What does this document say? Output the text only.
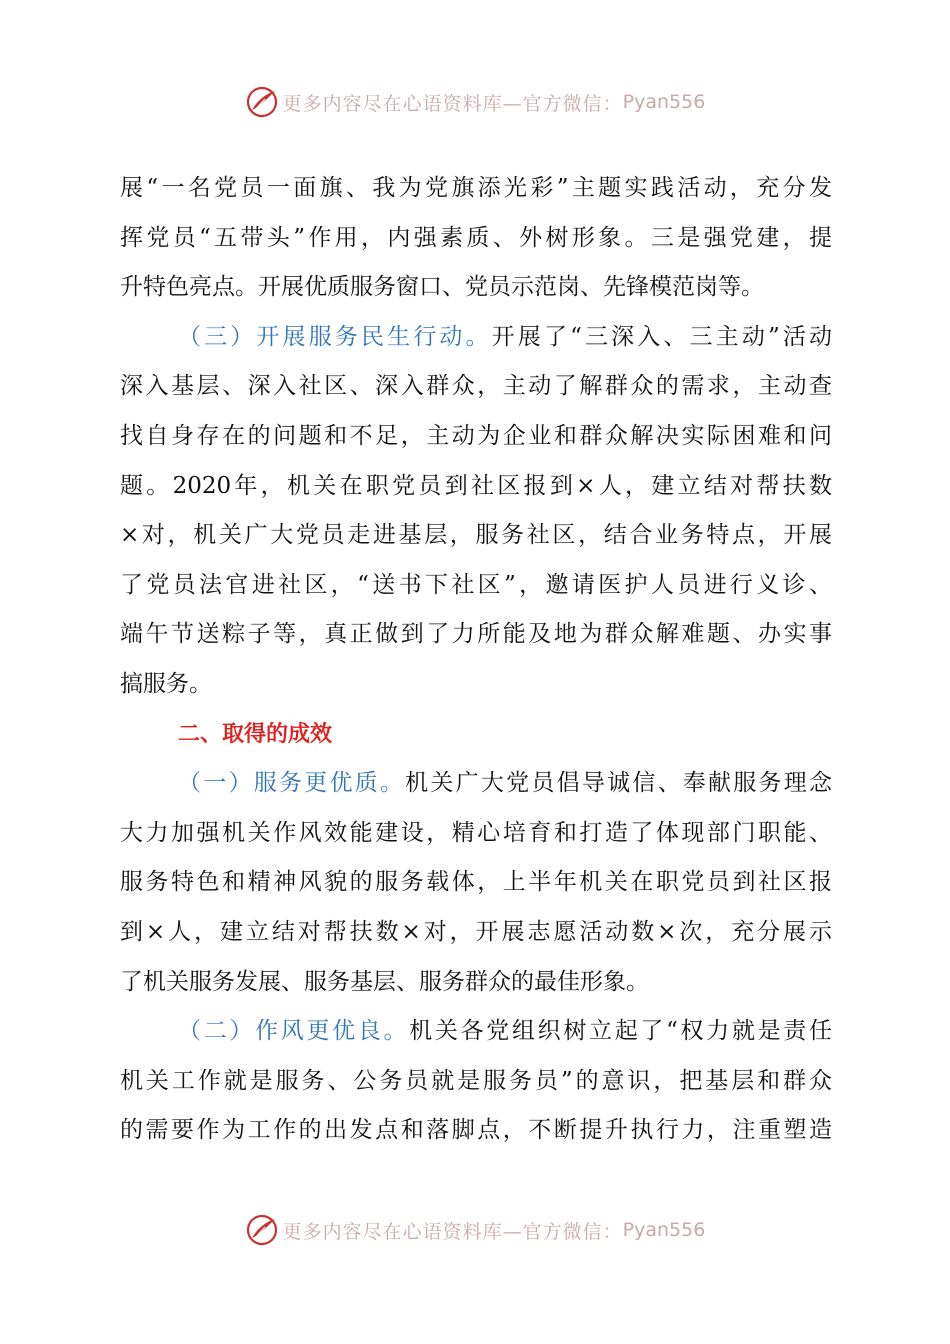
更多内容尽在心语资料库—官方微信： Pyan556
展“一名党员一面旗、我为党旗添光彩”主题实践活动，充分发
挥党员“五带头”作用，内强素质、外树形象。三是强党建，提
升特色亮点。开展优质服务窗口、党员示范岗、先锋模范岗等。
（三）开展服务民生行动。开展了“三深入、三主动”活动
深入基层、深入社区、深入群众，主动了解群众的需求，主动查
找自身存在的问题和不足，主动为企业和群众解决实际困难和问
题。2020年，机关在职党员到社区报到×人，建立结对帮扶数
×对，机关广大党员走进基层，服务社区，结合业务特点，开展
了党员法官进社区，“送书下社区”，邀请医护人员进行义诊、
端午节送粽子等，真正做到了力所能及地为群众解难题、办实事
搞服务。
二、取得的成效
（一）服务更优质。机关广大党员倡导诚信、奉献服务理念
大力加强机关作风效能建设，精心培育和打造了体现部门职能、
服务特色和精神风貌的服务载体，上半年机关在职党员到社区报
到×人，建立结对帮扶数×对，开展志愿活动数×次，充分展示
了机关服务发展、服务基层、服务群众的最佳形象。
（二）作风更优良。机关各党组织树立起了“权力就是责任
机关工作就是服务、公务员就是服务员”的意识，把基层和群众
的需要作为工作的出发点和落脚点，不断提升执行力，注重塑造
更多内容尽在心语资料库—官方微信： Pyan556
